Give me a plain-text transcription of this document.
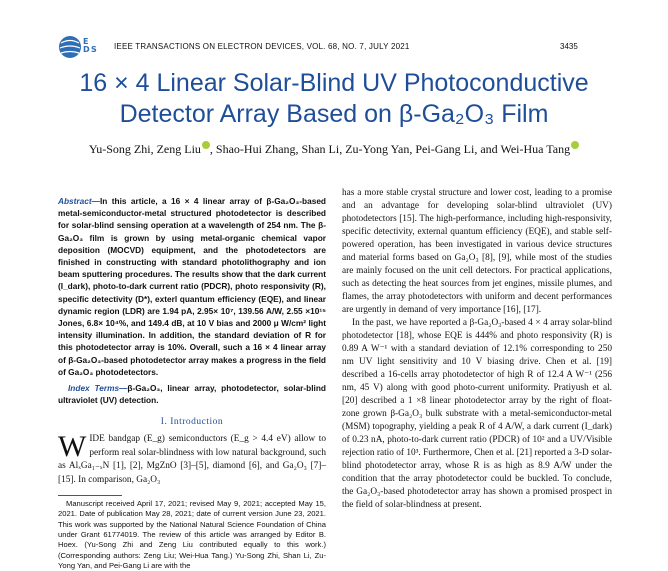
E
D S IEEE TRANSACTIONS ON ELECTRON DEVICES, VOL. 68, NO. 7, JULY 2021	3435
16 × 4 Linear Solar-Blind UV Photoconductive
Detector Array Based on β-Ga₂O₃ Film
Yu-Song Zhi, Zeng Liu , Shao-Hui Zhang, Shan Li, Zu-Yong Yan, Pei-Gang Li, and Wei-Hua Tang
Abstract—In this article, a 16 × 4 linear array of β-Ga₂O₃-based metal-semiconductor-metal structured photodetector is described for solar-blind sensing operation at a wavelength of 254 nm. The β-Ga₂O₃ film is grown by using metal-organic chemical vapor deposition (MOCVD) equipment, and the photodetectors are finished in constructing with standard photolithography and ion beam sputtering procedures. The results show that the dark current (I_dark), photo-to-dark current ratio (PDCR), photo responsivity (R), specific detectivity (D*), exterl quantum efficiency (EQE), and linear dynamic region (LDR) are 1.94 pA, 2.95× 10⁷, 139.56 A/W, 2.55 ×10¹⁵ Jones, 6.8× 10⁴%, and 149.4 dB, at 10 V bias and 2000 μ W/cm² light intensity illumination. In addition, the standard deviation of R for this photodetector array is 10%. Overall, such a 16 × 4 linear array of β-Ga₂O₃-based photodetector array makes a progress in the field of Ga₂O₃ photodetectors.
Index Terms—β-Ga₂O₃, linear array, photodetector, solar-blind ultraviolet (UV) detection.
I. Introduction
WIDE bandgap (E_g) semiconductors (E_g > 4.4 eV) allow to perform real solar-blindness with low natural background, such as AlₓGa₁₋ₓN [1], [2], MgZnO [3]–[5], diamond [6], and Ga₂O₃ [7]–[15]. In comparison, Ga₂O₃
Manuscript received April 17, 2021; revised May 9, 2021; accepted May 15, 2021. Date of publication May 28, 2021; date of current version June 23, 2021. This work was supported by the National Natural Science Foundation of China under Grant 61774019. The review of this article was arranged by Editor B. Hoex. (Yu-Song Zhi and Zeng Liu contributed equally to this work.) (Corresponding authors: Zeng Liu; Wei-Hua Tang.) Yu-Song Zhi, Shan Li, Zu-Yong Yan, and Pei-Gang Li are with the

has a more stable crystal structure and lower cost, leading to a promise and an advantage for developing solar-blind ultraviolet (UV) photodetectors [15]. The high-performance, including high-responsivity, specific detectivity, external quantum efficiency (EQE), and stable self-powered operation, has been investigated in various device structures and material forms based on Ga₂O₃ [8], [9], while most of the studies are mainly focused on the unit cell detectors. For practical applications, such as detecting the heat sources from jet engines, missile plumes, and flames, the array photodetectors with uniform and decent performances are urgently in demand of very importance [16], [17].

In the past, we have reported a β-Ga₂O₃-based 4 × 4 array solar-blind photodetector [18], whose EQE is 444% and photo responsivity (R) is 0.89 A W⁻¹ with a standard deviation of 12.1% corresponding to 250 nm UV light sensitivity and 10 V biasing drive. Chen et al. [19] described a 16-cells array photodetector of high R of 12.4 A W⁻¹ (256 nm, 45 V) along with good photo-current uniformity. Pratiyush et al. [20] described a 1 ×8 linear photodetector array by the right of float-zone grown β-Ga₂O₃ bulk substrate with a metal-semiconductor-metal (MSM) topography, yielding a peak R of 4 A/W, a dark current (I_dark) of 0.23 nA, photo-to-dark current ratio (PDCR) of 10² and a UV/Visible rejection ratio of 10³. Furthermore, Chen et al. [21] reported a 3-D solar-blind photodetector array, whose R is as high as 8.9 A/W under the condition that the array photodetector could be buckled. To conclude, the Ga₂O₃-based photodetector array has shown a promised prospect in the field of solar-blindness at present.
